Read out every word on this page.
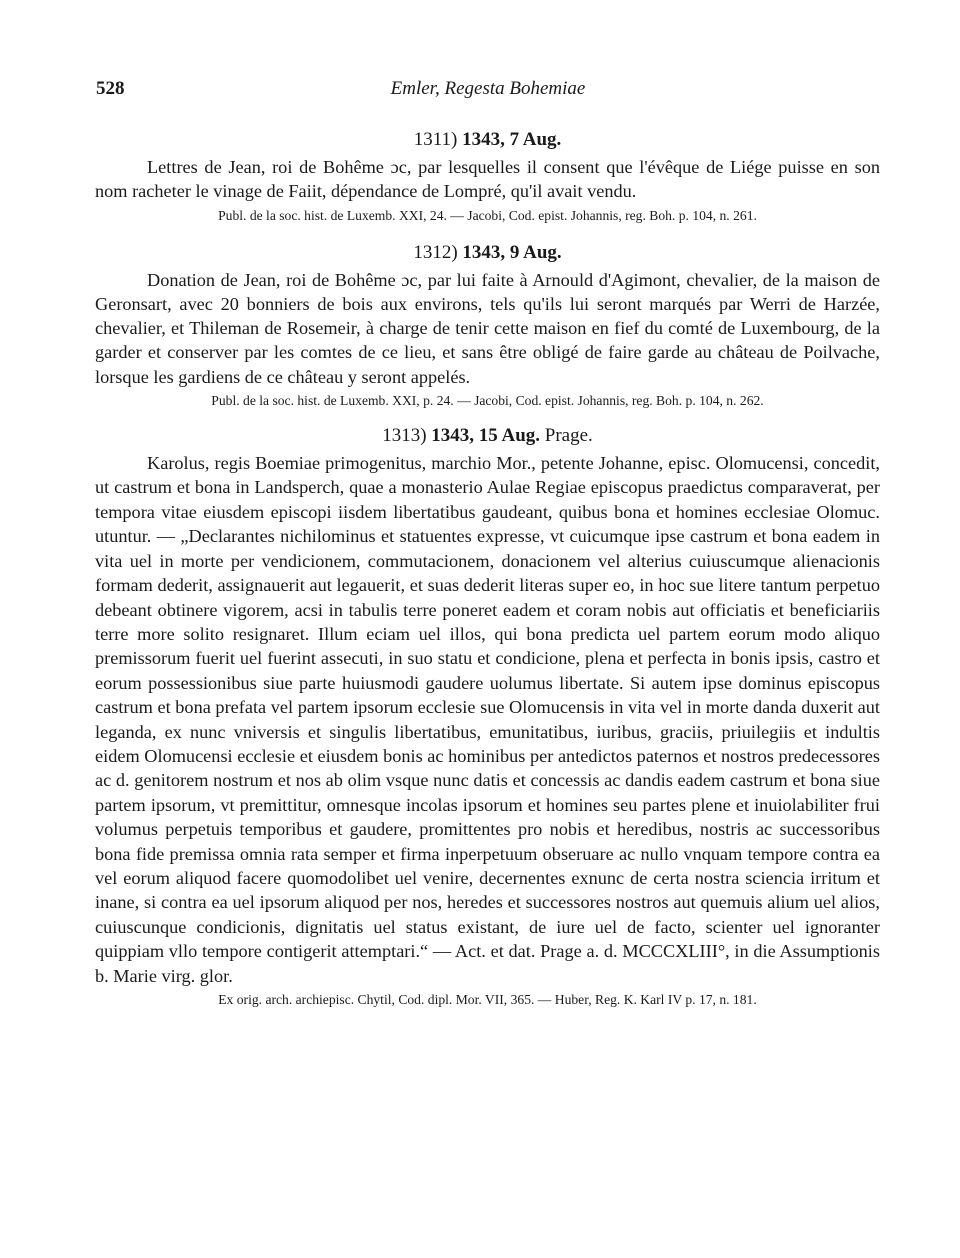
528	Emler, Regesta Bohemiae
1311) 1343, 7 Aug.

Lettres de Jean, roi de Bohême ɔc, par lesquelles il consent que l'évêque de Liége puisse en son nom racheter le vinage de Faiit, dépendance de Lompré, qu'il avait vendu.

Publ. de la soc. hist. de Luxemb. XXI, 24. — Jacobi, Cod. epist. Johannis, reg. Boh. p. 104, n. 261.

1312) 1343, 9 Aug.

Donation de Jean, roi de Bohême ɔc, par lui faite à Arnould d'Agimont, chevalier, de la maison de Geronsart, avec 20 bonniers de bois aux environs, tels qu'ils lui seront marqués par Werri de Harzée, chevalier, et Thileman de Rosemeir, à charge de tenir cette maison en fief du comté de Luxembourg, de la garder et conserver par les comtes de ce lieu, et sans être obligé de faire garde au château de Poilvache, lorsque les gardiens de ce château y seront appelés.

Publ. de la soc. hist. de Luxemb. XXI, p. 24. — Jacobi, Cod. epist. Johannis, reg. Boh. p. 104, n. 262.

1313) 1343, 15 Aug. Prage.

Karolus, regis Boemiae primogenitus, marchio Mor., petente Johanne, episc. Olomucensi, concedit, ut castrum et bona in Landsperch, quae a monasterio Aulae Regiae episcopus praedictus comparaverat, per tempora vitae eiusdem episcopi iisdem libertatibus gaudeant, quibus bona et homines ecclesiae Olomuc. utuntur. — „Declarantes nichilominus et statuentes expresse, vt cuicumque ipse castrum et bona eadem in vita uel in morte per vendicionem, commutacionem, donacionem vel alterius cuiuscumque alienacionis formam dederit, assignauerit aut legauerit, et suas dederit literas super eo, in hoc sue litere tantum perpetuo debeant obtinere vigorem, acsi in tabulis terre poneret eadem et coram nobis aut officiatis et beneficiariis terre more solito resignaret. Illum eciam uel illos, qui bona predicta uel partem eorum modo aliquo premissorum fuerit uel fuerint assecuti, in suo statu et condicione, plena et perfecta in bonis ipsis, castro et eorum possessionibus siue parte huiusmodi gaudere uolumus libertate. Si autem ipse dominus episcopus castrum et bona prefata vel partem ipsorum ecclesie sue Olomucensis in vita vel in morte danda duxerit aut leganda, ex nunc vniversis et singulis libertatibus, emunitatibus, iuribus, graciis, priuilegiis et indultis eidem Olomucensi ecclesie et eiusdem bonis ac hominibus per antedictos paternos et nostros predecessores ac d. genitorem nostrum et nos ab olim vsque nunc datis et concessis ac dandis eadem castrum et bona siue partem ipsorum, vt premittitur, omnesque incolas ipsorum et homines seu partes plene et inuiolabiliter frui volumus perpetuis temporibus et gaudere, promittentes pro nobis et heredibus, nostris ac successoribus bona fide premissa omnia rata semper et firma inperpetuum obseruare ac nullo vnquam tempore contra ea vel eorum aliquod facere quomodolibet uel venire, decernentes exnunc de certa nostra sciencia irritum et inane, si contra ea uel ipsorum aliquod per nos, heredes et successores nostros aut quemuis alium uel alios, cuiuscunque condicionis, dignitatis uel status existant, de iure uel de facto, scienter uel ignoranter quippiam vllo tempore contigerit attemptari.“ — Act. et dat. Prage a. d. MCCCXLIII°, in die Assumptionis b. Marie virg. glor.

Ex orig. arch. archiepisc. Chytil, Cod. dipl. Mor. VII, 365. — Huber, Reg. K. Karl IV p. 17, n. 181.
